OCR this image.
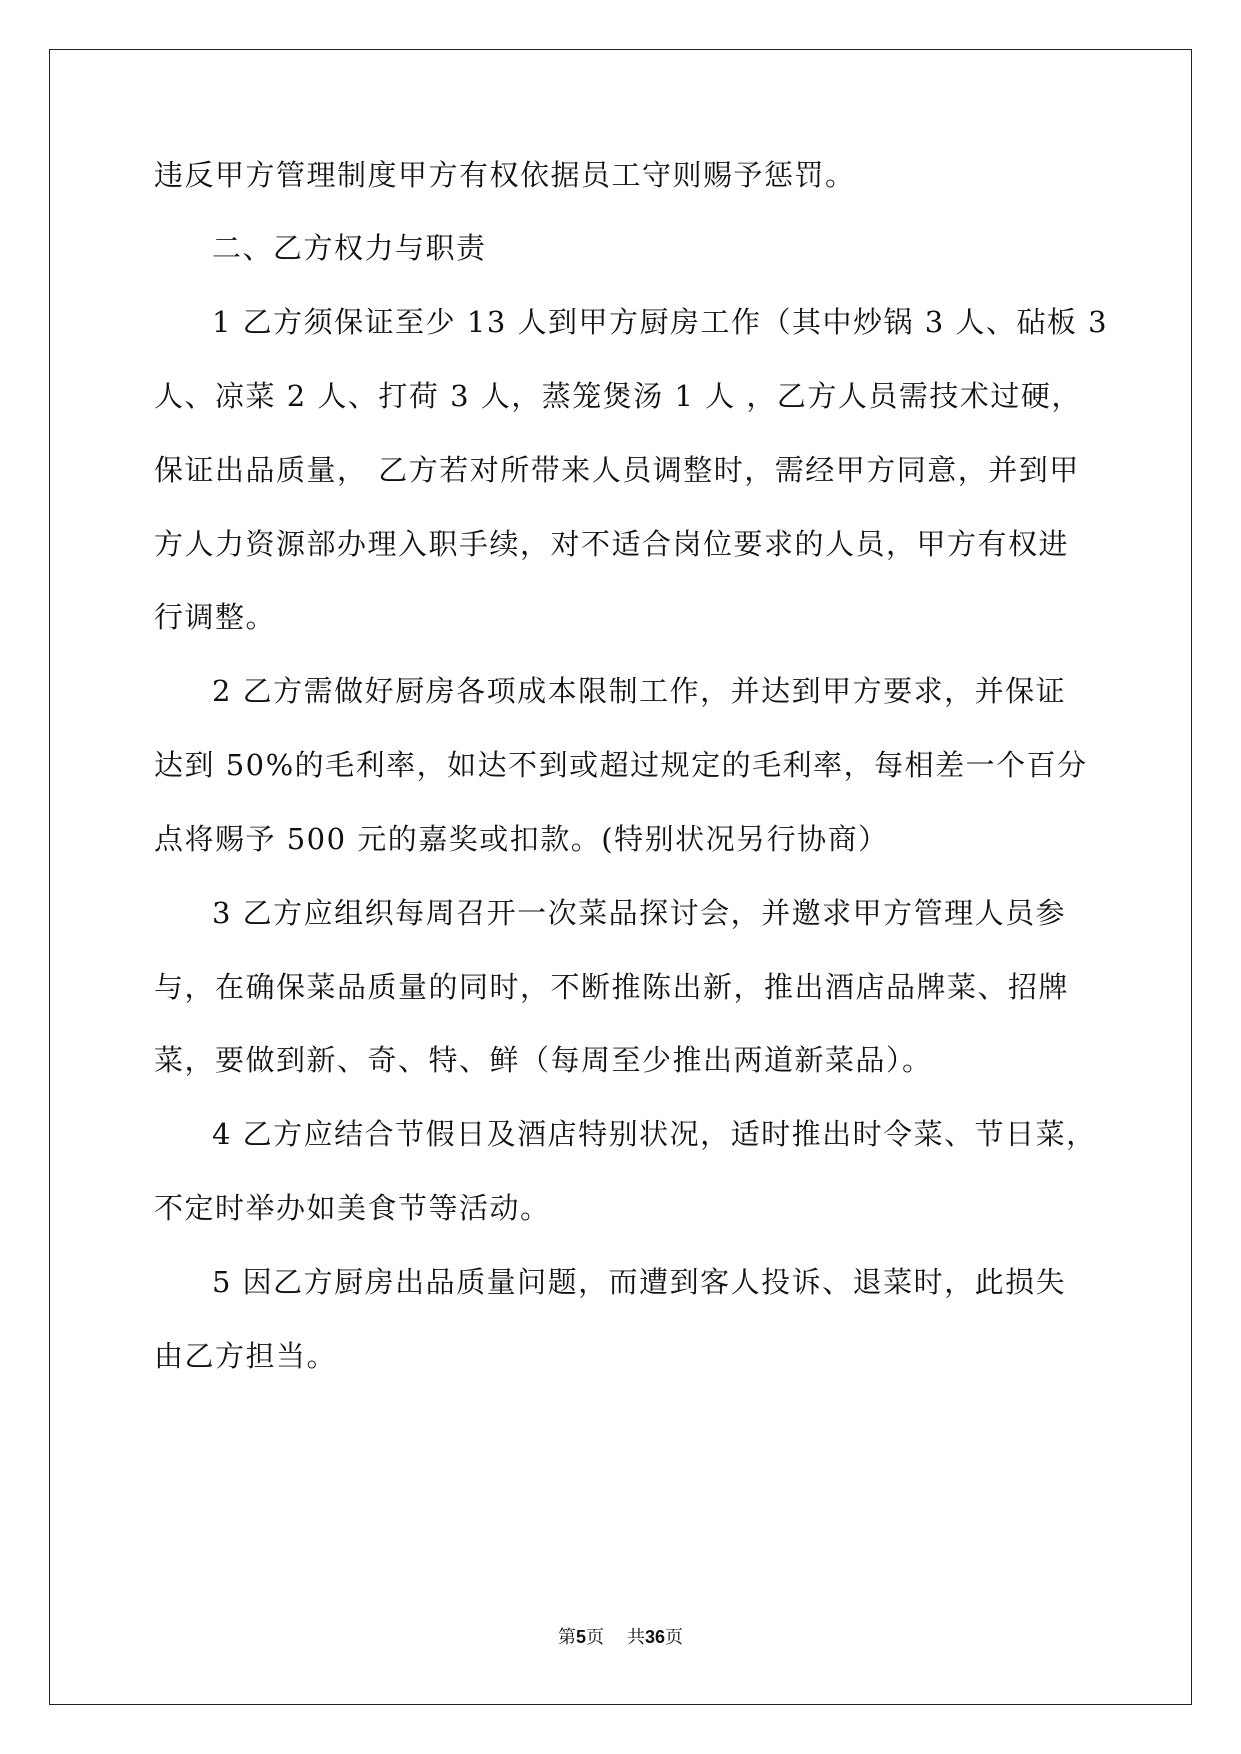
违反甲方管理制度甲方有权依据员工守则赐予惩罚。

二、乙方权力与职责

1 乙方须保证至少 13 人到甲方厨房工作（其中炒锅 3 人、砧板 3

人、凉菜 2 人、打荷 3 人，蒸笼煲汤 1 人 ，乙方人员需技术过硬，

保证出品质量， 乙方若对所带来人员调整时，需经甲方同意，并到甲

方人力资源部办理入职手续，对不适合岗位要求的人员，甲方有权进

行调整。

2 乙方需做好厨房各项成本限制工作，并达到甲方要求，并保证

达到 50%的毛利率，如达不到或超过规定的毛利率，每相差一个百分

点将赐予 500 元的嘉奖或扣款。(特别状况另行协商）

3 乙方应组织每周召开一次菜品探讨会，并邀求甲方管理人员参

与，在确保菜品质量的同时，不断推陈出新，推出酒店品牌菜、招牌

菜，要做到新、奇、特、鲜（每周至少推出两道新菜品）。

4 乙方应结合节假日及酒店特别状况，适时推出时令菜、节日菜，

不定时举办如美食节等活动。

5 因乙方厨房出品质量问题，而遭到客人投诉、退菜时，此损失

由乙方担当。

第5页 共36页
